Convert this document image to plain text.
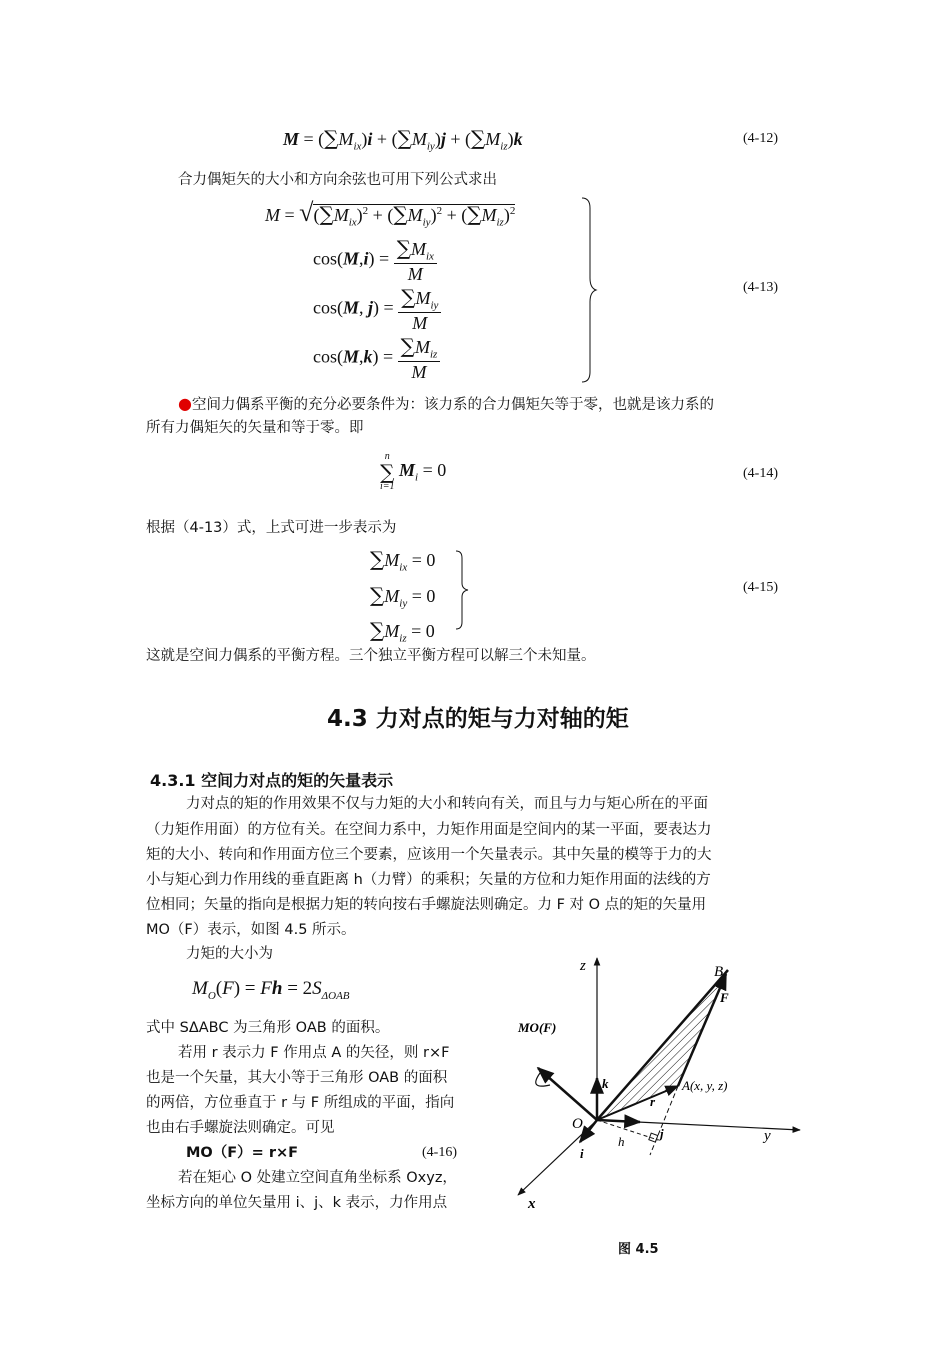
$M = (\sum M_{ix})i + (\sum M_{iy})j + (\sum M_{iz})k$	(4-12)
合力偶矩矢的大小和方向余弦也可用下列公式求出
$M = √(\sum M_{ix})^2 + (\sum M_{iy})^2 + (\sum M_{iz})^2$
$\cos(M,i) = \frac{\sum M_{ix}}{M}$
cos(M, $j) = \frac{\sum M_{iy}}{M}$
$\cos(M,k) = \frac{\sum M_{iz}}{M}$
(4-13)
●空间力偶系平衡的充分必要条件为：该力系的合力偶矩矢等于零，也就是该力系的
所有力偶矩矢的矢量和等于零。即
n
∑
i=1
$M_i = 0$	(4-14)
根据（4-13）式，上式可进一步表示为
$\sum M_{ix} = 0$
$\sum M_{iy} = 0$
$\sum M_{iz} = 0$
(4-15)
这就是空间力偶系的平衡方程。三个独立平衡方程可以解三个未知量。
4.3 力对点的矩与力对轴的矩
4.3.1 空间力对点的矩的矢量表示
力对点的矩的作用效果不仅与力矩的大小和转向有关，而且与力与矩心所在的平面
（力矩作用面）的方位有关。在空间力系中，力矩作用面是空间内的某一平面，要表达力
矩的大小、转向和作用面方位三个要素，应该用一个矢量表示。其中矢量的模等于力的大
小与矩心到力作用线的垂直距离 h（力臂）的乘积；矢量的方位和力矩作用面的法线的方
位相同；矢量的指向是根据力矩的转向按右手螺旋法则确定。力 F 对 O 点的矩的矢量用
MO（F）表示，如图 4.5 所示。
力矩的大小为
$M_O(F) = Fh = 2S_{\Delta OAB}$
式中 SΔABC 为三角形 OAB 的面积。
若用 r 表示力 F 作用点 A 的矢径，则 r×F
也是一个矢量，其大小等于三角形 OAB 的面积
的两倍，方位垂直于 r 与 F 所组成的平面，指向
也由右手螺旋法则确定。可见
MO（F）= r×F	(4-16)
若在矩心 O 处建立空间直角坐标系 Oxyz，
坐标方向的单位矢量用 i、j、k 表示，力作用点
z
y
x
B
F
A(x, y, z)
O
k
i
j
r
h
MO(F)
图 4.5
